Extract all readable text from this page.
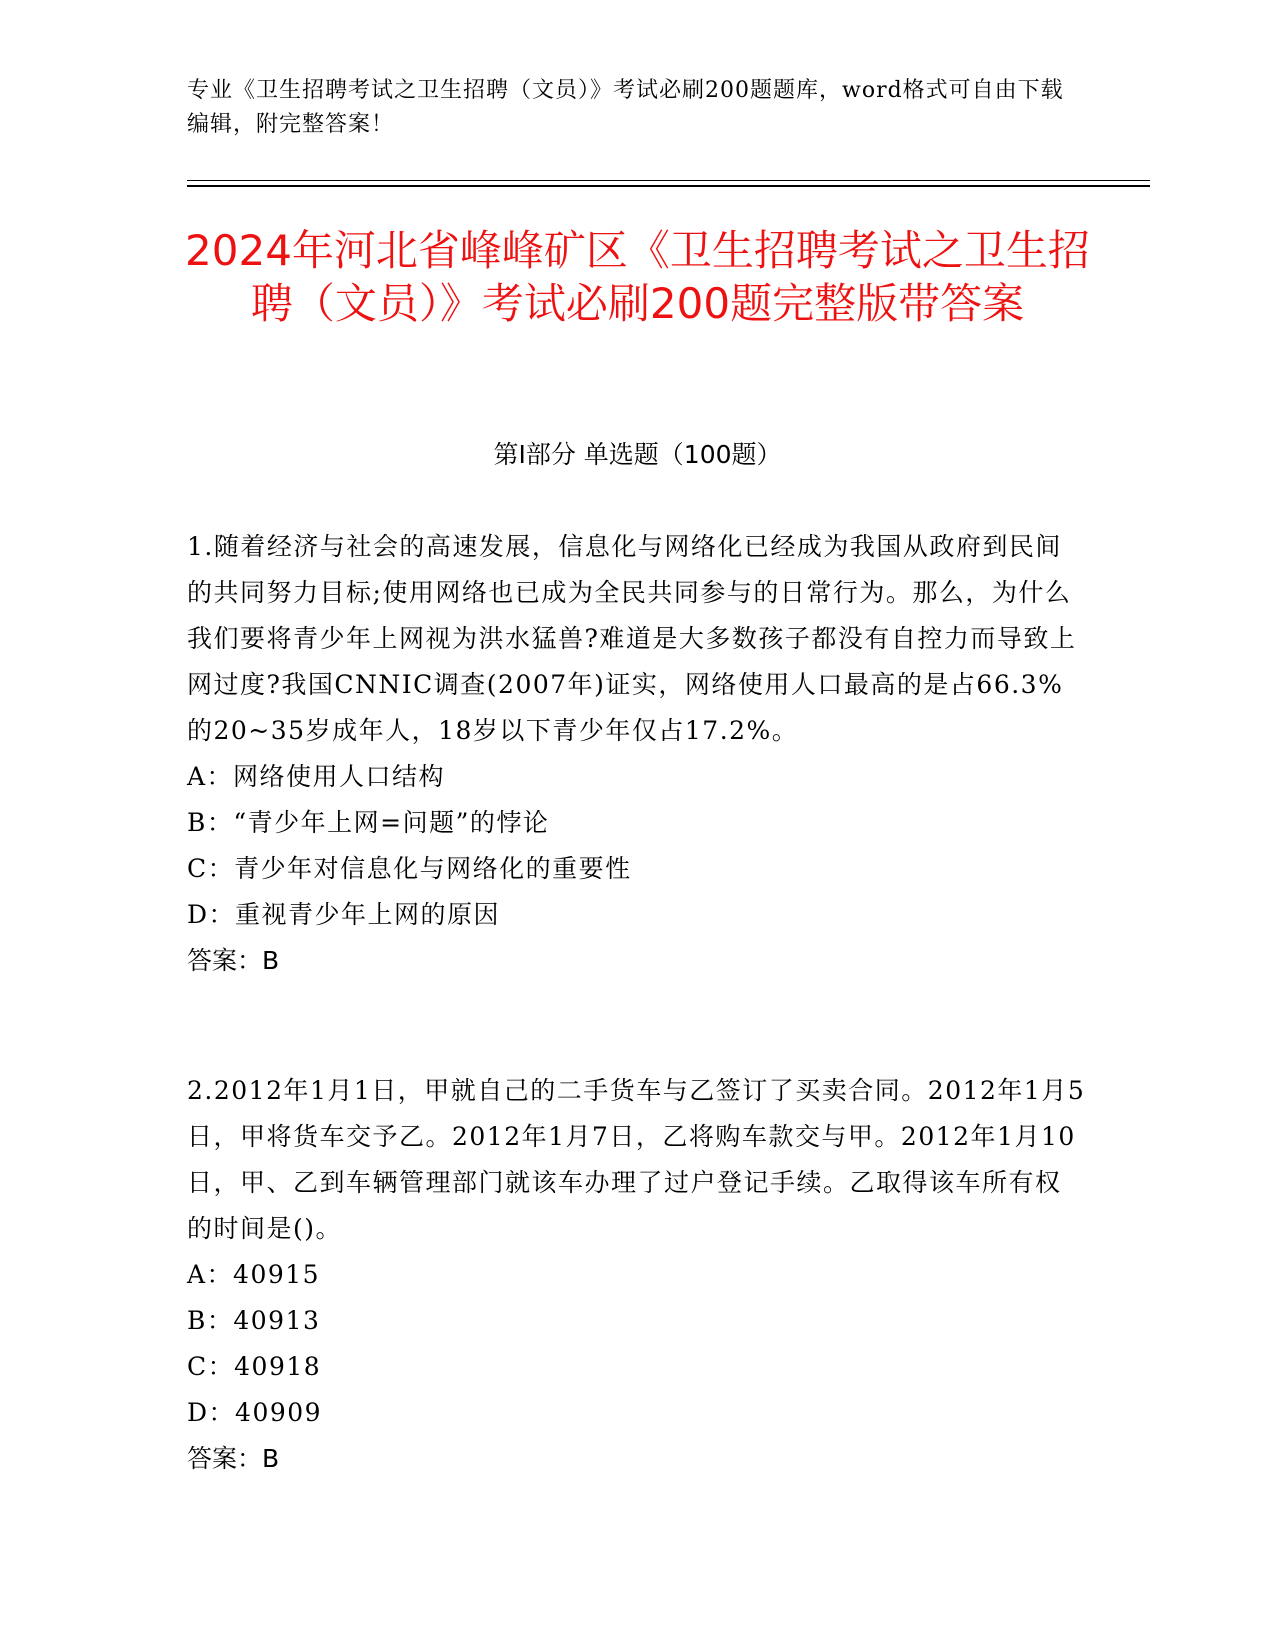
专业《卫生招聘考试之卫生招聘（文员）》考试必刷200题题库，word格式可自由下载编辑，附完整答案！
2024年河北省峰峰矿区《卫生招聘考试之卫生招聘（文员）》考试必刷200题完整版带答案
第I部分 单选题（100题）
1.随着经济与社会的高速发展，信息化与网络化已经成为我国从政府到民间的共同努力目标;使用网络也已成为全民共同参与的日常行为。那么，为什么我们要将青少年上网视为洪水猛兽?难道是大多数孩子都没有自控力而导致上网过度?我国CNNIC调查(2007年)证实，网络使用人口最高的是占66.3%的20~35岁成年人，18岁以下青少年仅占17.2%。
A：网络使用人口结构
B：“青少年上网=问题”的悖论
C：青少年对信息化与网络化的重要性
D：重视青少年上网的原因
答案：B
2.2012年1月1日，甲就自己的二手货车与乙签订了买卖合同。2012年1月5日，甲将货车交予乙。2012年1月7日，乙将购车款交与甲。2012年1月10日，甲、乙到车辆管理部门就该车办理了过户登记手续。乙取得该车所有权的时间是()。
A：40915
B：40913
C：40918
D：40909
答案：B
